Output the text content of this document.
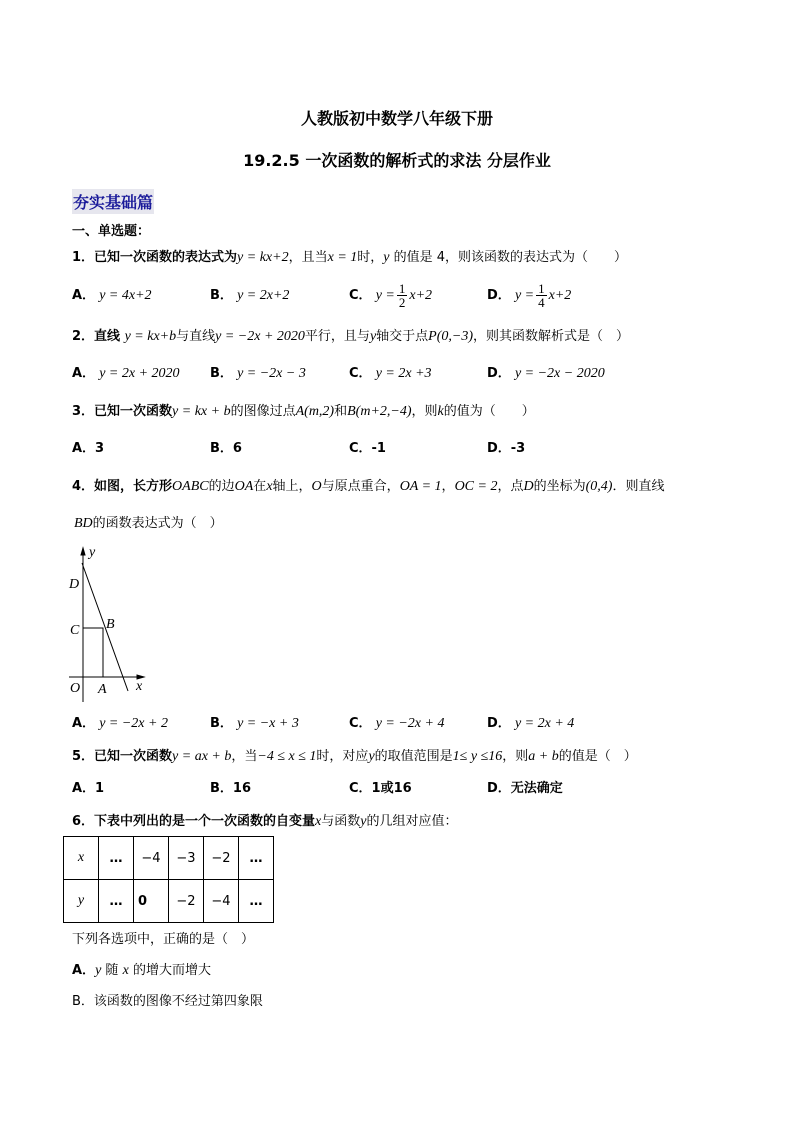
人教版初中数学八年级下册
19.2.5 一次函数的解析式的求法 分层作业
夯实基础篇
一、单选题：
1．已知一次函数的表达式为y = kx+2，且当x = 1时，y 的值是 4，则该函数的表达式为（　　）
A． y = 4x+2	B． y = 2x+2	C． $y = \frac{1}{2} x+2$	D． $y = \frac{1}{4} x+2$
2．直线 y = kx+b与直线y = −2x + 2020平行，且与y轴交于点P(0,−3)，则其函数解析式是（　）
A． y = 2x + 2020 B． y = −2x − 3	C． y = 2x +3	D． y = −2x − 2020
3．已知一次函数y = kx + b的图像过点A(m,2)和B(m+2,−4)，则k的值为（　　）
A．3	B．6	C．-1	D．-3
4．如图，长方形OABC的边OA在x轴上，O与原点重合，OA = 1，OC = 2，点D的坐标为(0,4)．则直线
BD的函数表达式为（　）
y
D
C B
O A x
A． y = −2x + 2	B． y = −x + 3	C． y = −2x + 4	D． y = 2x + 4
5．已知一次函数y = ax + b，当−4 ≤ x ≤ 1时，对应y的取值范围是1≤ y ≤16，则a + b的值是（　）
A．1	B．16	C．1或16	D．无法确定
6．下表中列出的是一个一次函数的自变量x与函数y的几组对应值：
x	…	−4	−3	−2	…
y	…	0	−2	−4	…
下列各选项中，正确的是（　）
A．y 随 x 的增大而增大
B．该函数的图像不经过第四象限
